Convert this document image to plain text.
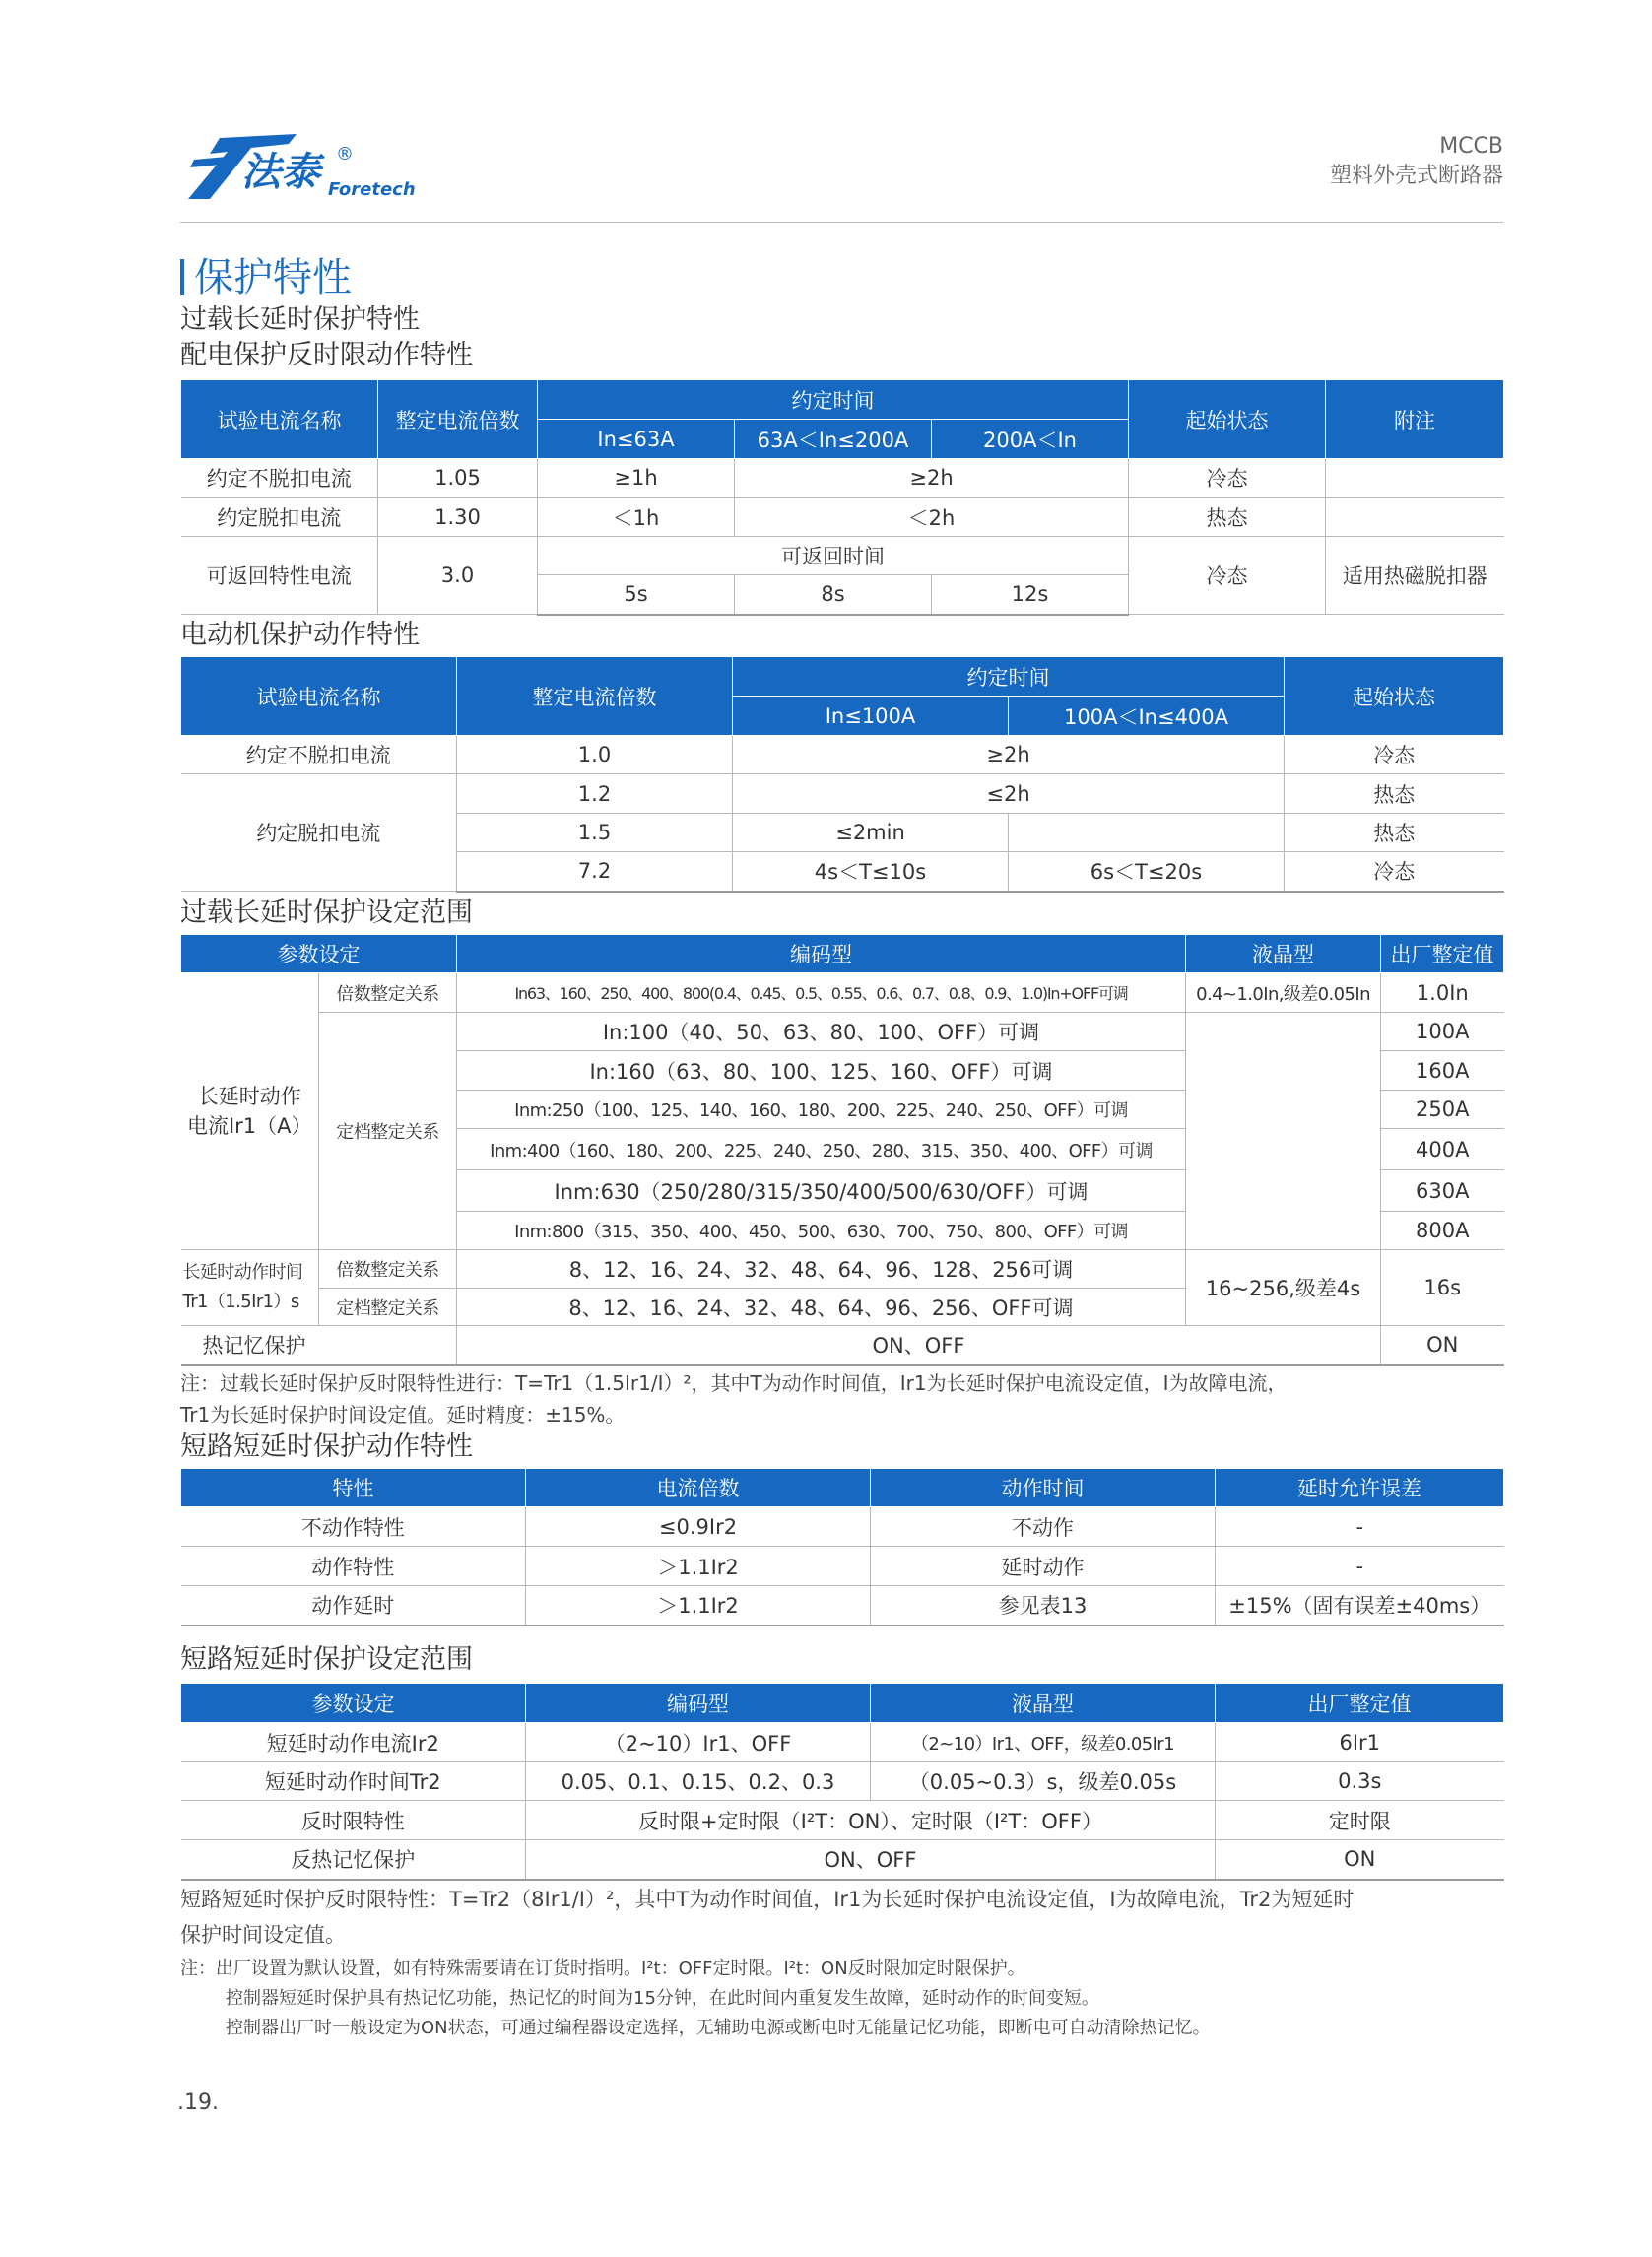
法泰 Foretech
®	MCCB
塑料外壳式断路器
保护特性
过载长延时保护特性
配电保护反时限动作特性
试验电流名称	整定电流倍数	约定时间			起始状态	附注
		In≤63A	63A＜In≤200A	200A＜In		
约定不脱扣电流	1.05	≥1h	≥2h		冷态	
约定脱扣电流	1.30	＜1h	＜2h		热态	
可返回特性电流	3.0	可返回时间			冷态	适用热磁脱扣器
		5s	8s	12s		
电动机保护动作特性
试验电流名称	整定电流倍数	约定时间		起始状态
		In≤100A	100A＜In≤400A	
约定不脱扣电流	1.0	≥2h		冷态
约定脱扣电流	1.2	≤2h		热态
	1.5	≤2min		热态
	7.2	4s＜T≤10s	6s＜T≤20s	冷态
过载长延时保护设定范围
参数设定		编码型	液晶型	出厂整定值
长延时动作
电流Ir1（A）	倍数整定关系	In63、160、250、400、800(0.4、0.45、0.5、0.55、0.6、0.7、0.8、0.9、1.0)In+OFF可调	0.4~1.0In,级差0.05In	1.0In
	定档整定关系	In:100（40、50、63、80、100、OFF）可调		100A
		In:160（63、80、100、125、160、OFF）可调		160A
		Inm:250（100、125、140、160、180、200、225、240、250、OFF）可调		250A
		Inm:400（160、180、200、225、240、250、280、315、350、400、OFF）可调		400A
		Inm:630（250/280/315/350/400/500/630/OFF）可调		630A
		Inm:800（315、350、400、450、500、630、700、750、800、OFF）可调		800A
长延时动作时间
Tr1（1.5Ir1）s	倍数整定关系	8、12、16、24、32、48、64、96、128、256可调	16~256,级差4s	16s
	定档整定关系	8、12、16、24、32、48、64、96、256、OFF可调		
热记忆保护		ON、OFF		ON
注：过载长延时保护反时限特性进行：T=Tr1（1.5Ir1/I）²，其中T为动作时间值，Ir1为长延时保护电流设定值，I为故障电流，
Tr1为长延时保护时间设定值。延时精度：±15%。
短路短延时保护动作特性
特性	电流倍数	动作时间	延时允许误差
不动作特性	≤0.9Ir2	不动作	-
动作特性	＞1.1Ir2	延时动作	-
动作延时	＞1.1Ir2	参见表13	±15%（固有误差±40ms）
短路短延时保护设定范围
参数设定	编码型	液晶型	出厂整定值
短延时动作电流Ir2	（2~10）Ir1、OFF	（2~10）Ir1、OFF，级差0.05Ir1	6Ir1
短延时动作时间Tr2	0.05、0.1、0.15、0.2、0.3	（0.05~0.3）s，级差0.05s	0.3s
反时限特性	反时限+定时限（I²T：ON）、定时限（I²T：OFF）		定时限
反热记忆保护	ON、OFF		ON
短路短延时保护反时限特性：T=Tr2（8Ir1/I）²，其中T为动作时间值，Ir1为长延时保护电流设定值，I为故障电流，Tr2为短延时
保护时间设定值。
注：出厂设置为默认设置，如有特殊需要请在订货时指明。I²t：OFF定时限。I²t：ON反时限加定时限保护。
控制器短延时保护具有热记忆功能，热记忆的时间为15分钟，在此时间内重复发生故障，延时动作的时间变短。
控制器出厂时一般设定为ON状态，可通过编程器设定选择，无辅助电源或断电时无能量记忆功能，即断电可自动清除热记忆。
.19.
